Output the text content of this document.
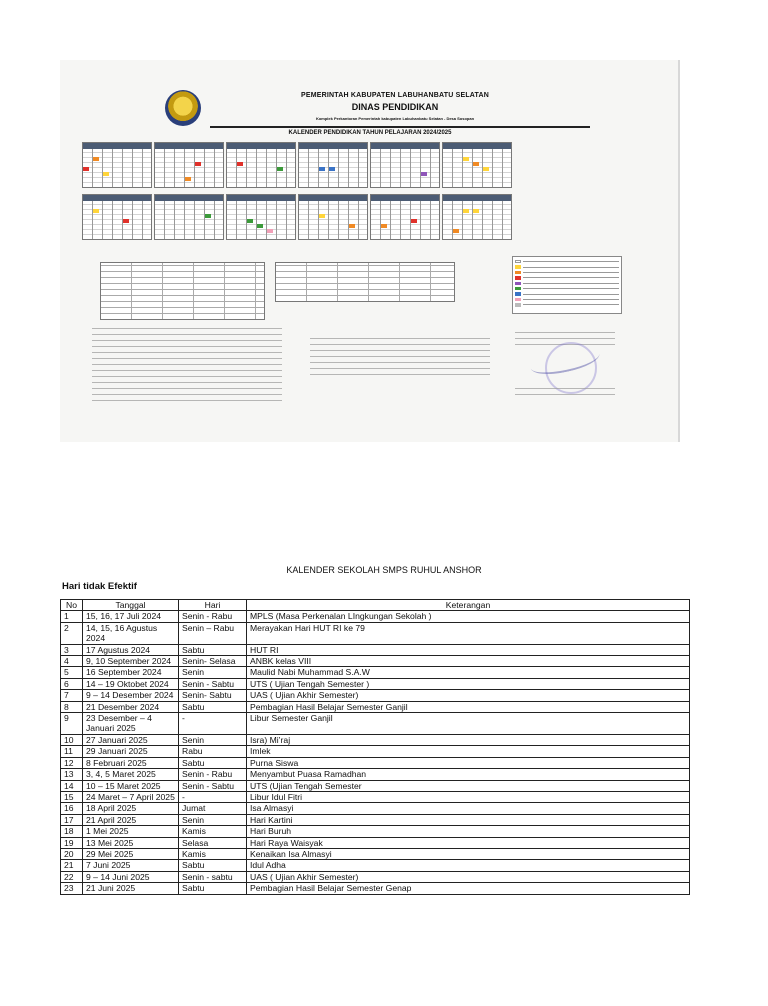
PEMERINTAH KABUPATEN LABUHANBATU SELATAN
DINAS PENDIDIKAN
Komplek Perkantoran Pemerintah kabupaten Labuhanbatu Selatan - Desa Sosopan
KALENDER PENDIDIKAN TAHUN PELAJARAN 2024/2025
KALENDER SEKOLAH SMPS RUHUL ANSHOR
Hari tidak Efektif
No	Tanggal	Hari	Keterangan
1	15, 16, 17 Juli 2024	Senin - Rabu	MPLS (Masa Perkenalan LIngkungan Sekolah )
2	14, 15, 16 Agustus 2024	Senin – Rabu	Merayakan Hari HUT RI ke 79
3	17 Agustus 2024	Sabtu	HUT RI
4	9, 10 September 2024	Senin- Selasa	ANBK kelas VIII
5	16 September 2024	Senin	Maulid Nabi Muhammad S.A.W
6	14 – 19 Oktobet 2024	Senin - Sabtu	UTS ( Ujian Tengah Semester )
7	9 – 14 Desember 2024	Senin- Sabtu	UAS ( Ujian Akhir Semester)
8	21 Desember 2024	Sabtu	Pembagian Hasil Belajar Semester Ganjil
9	23 Desember – 4 Januari 2025	-	Libur Semester Ganjil
10	27 Januari 2025	Senin	Isra) Mi’raj
11	29 Januari 2025	Rabu	Imlek
12	8 Februari 2025	Sabtu	Purna Siswa
13	3, 4, 5 Maret 2025	Senin - Rabu	Menyambut Puasa Ramadhan
14	10 – 15 Maret 2025	Senin - Sabtu	UTS (Ujian Tengah Semester
15	24 Maret – 7 April 2025	-	Libur Idul Fitri
16	18 April 2025	Jumat	Isa Almasyi
17	21 April 2025	Senin	Hari Kartini
18	1 Mei 2025	Kamis	Hari Buruh
19	13 Mei 2025	Selasa	Hari Raya Waisyak
20	29 Mei 2025	Kamis	Kenaikan Isa Almasyi
21	7 Juni 2025	Sabtu	Idul Adha
22	9 – 14 Juni 2025	Senin - sabtu	UAS ( Ujian Akhir Semester)
23	21 Juni 2025	Sabtu	Pembagian Hasil Belajar Semester Genap
